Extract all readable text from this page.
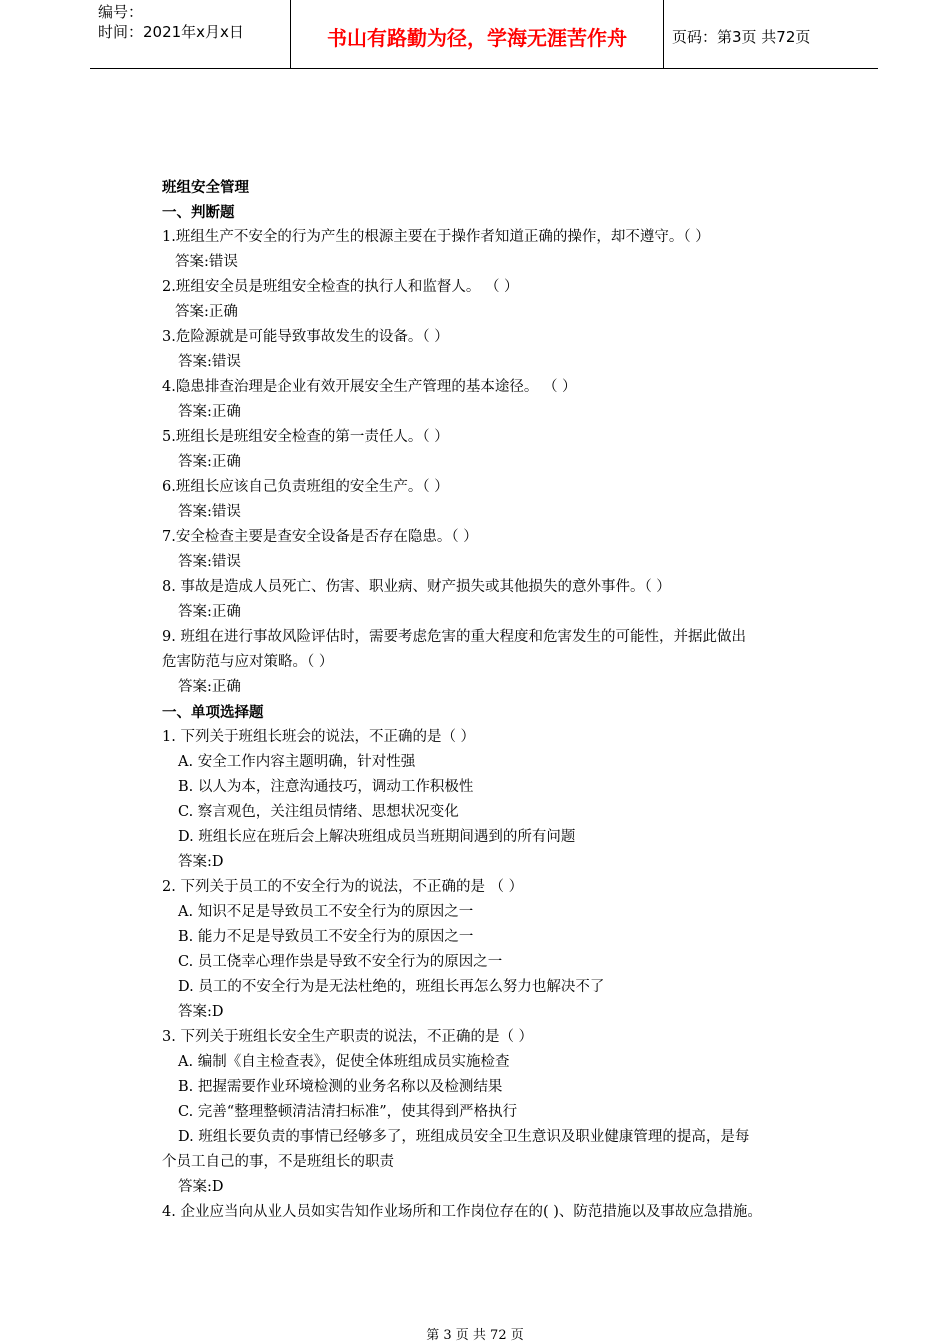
编号：
时间：2021年x月x日	书山有路勤为径，学海无涯苦作舟	页码：第3页 共72页
班组安全管理
一、判断题
1.班组生产不安全的行为产生的根源主要在于操作者知道正确的操作，却不遵守。（ ）
答案:错误
2.班组安全员是班组安全检查的执行人和监督人。 （ ）
答案:正确
3.危险源就是可能导致事故发生的设备。（ ）
答案:错误
4.隐患排查治理是企业有效开展安全生产管理的基本途径。 （ ）
答案:正确
5.班组长是班组安全检查的第一责任人。（ ）
答案:正确
6.班组长应该自己负责班组的安全生产。（ ）
答案:错误
7.安全检查主要是查安全设备是否存在隐患。（ ）
答案:错误
8. 事故是造成人员死亡、伤害、职业病、财产损失或其他损失的意外事件。（ ）
答案:正确
9. 班组在进行事故风险评估时，需要考虑危害的重大程度和危害发生的可能性，并据此做出
危害防范与应对策略。（ ）
答案:正确
一、单项选择题
1. 下列关于班组长班会的说法，不正确的是（ ）
A. 安全工作内容主题明确，针对性强
B. 以人为本，注意沟通技巧，调动工作积极性
C. 察言观色，关注组员情绪、思想状况变化
D. 班组长应在班后会上解决班组成员当班期间遇到的所有问题
答案:D
2. 下列关于员工的不安全行为的说法，不正确的是 （ ）
A. 知识不足是导致员工不安全行为的原因之一
B. 能力不足是导致员工不安全行为的原因之一
C. 员工侥幸心理作祟是导致不安全行为的原因之一
D. 员工的不安全行为是无法杜绝的，班组长再怎么努力也解决不了
答案:D
3. 下列关于班组长安全生产职责的说法，不正确的是（ ）
A. 编制《自主检查表》，促使全体班组成员实施检查
B. 把握需要作业环境检测的业务名称以及检测结果
C. 完善“整理整顿清洁清扫标准”，使其得到严格执行
D. 班组长要负责的事情已经够多了，班组成员安全卫生意识及职业健康管理的提高，是每
个员工自己的事，不是班组长的职责
答案:D
4. 企业应当向从业人员如实告知作业场所和工作岗位存在的( )、防范措施以及事故应急措施。
第 3 页 共 72 页
